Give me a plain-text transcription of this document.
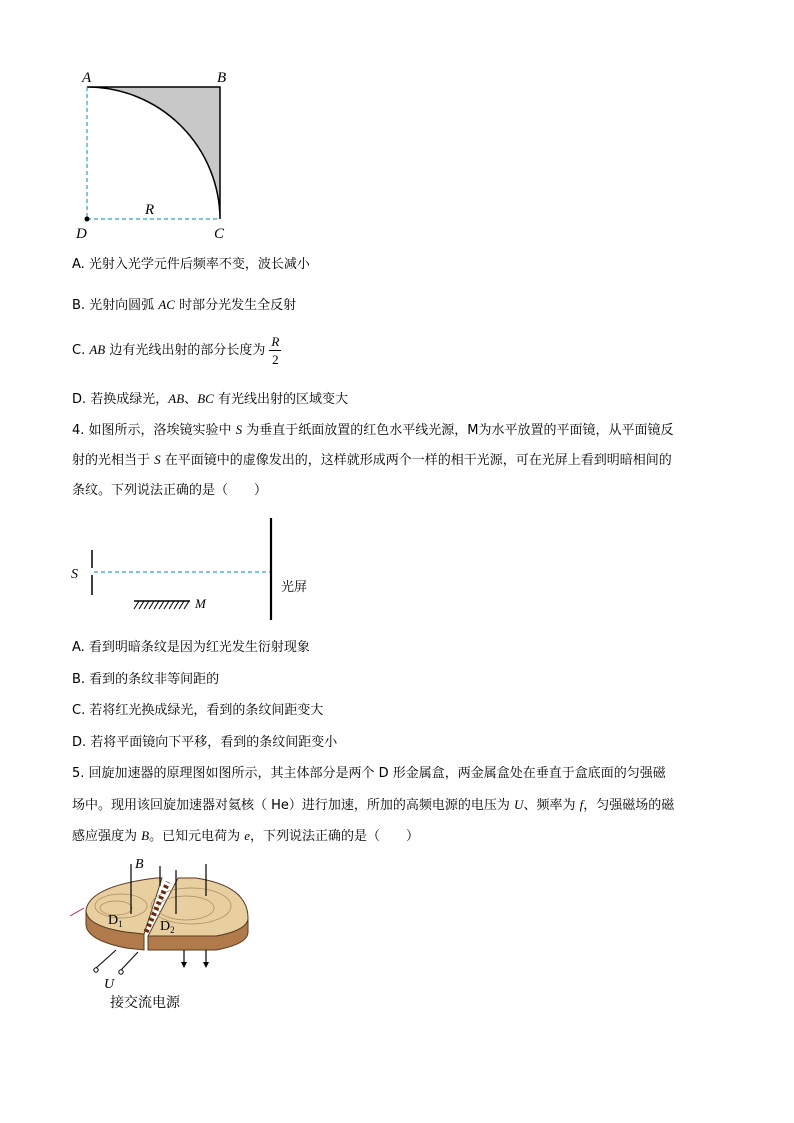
A	B
R
D	C
A. 光射入光学元件后频率不变，波长减小
B. 光射向圆弧 AC 时部分光发生全反射
C. AB 边有光线出射的部分长度为 $\frac{R}{2}$
D. 若换成绿光，AB、BC 有光线出射的区域变大
4. 如图所示，洛埃镜实验中 S 为垂直于纸面放置的红色水平线光源，M为水平放置的平面镜，从平面镜反
射的光相当于 S 在平面镜中的虚像发出的，这样就形成两个一样的相干光源，可在光屏上看到明暗相间的
条纹。下列说法正确的是（　　）
S
M
光屏
A. 看到明暗条纹是因为红光发生衍射现象
B. 看到的条纹非等间距的
C. 若将红光换成绿光，看到的条纹间距变大
D. 若将平面镜向下平移，看到的条纹间距变小
5. 回旋加速器的原理图如图所示，其主体部分是两个 D 形金属盒，两金属盒处在垂直于盒底面的匀强磁
场中。现用该回旋加速器对氦核（ He）进行加速，所加的高频电源的电压为 U、频率为 f，匀强磁场的磁
感应强度为 B。已知元电荷为 e，下列说法正确的是（　　）
B
$D_1$	$D_2$
U
接交流电源
